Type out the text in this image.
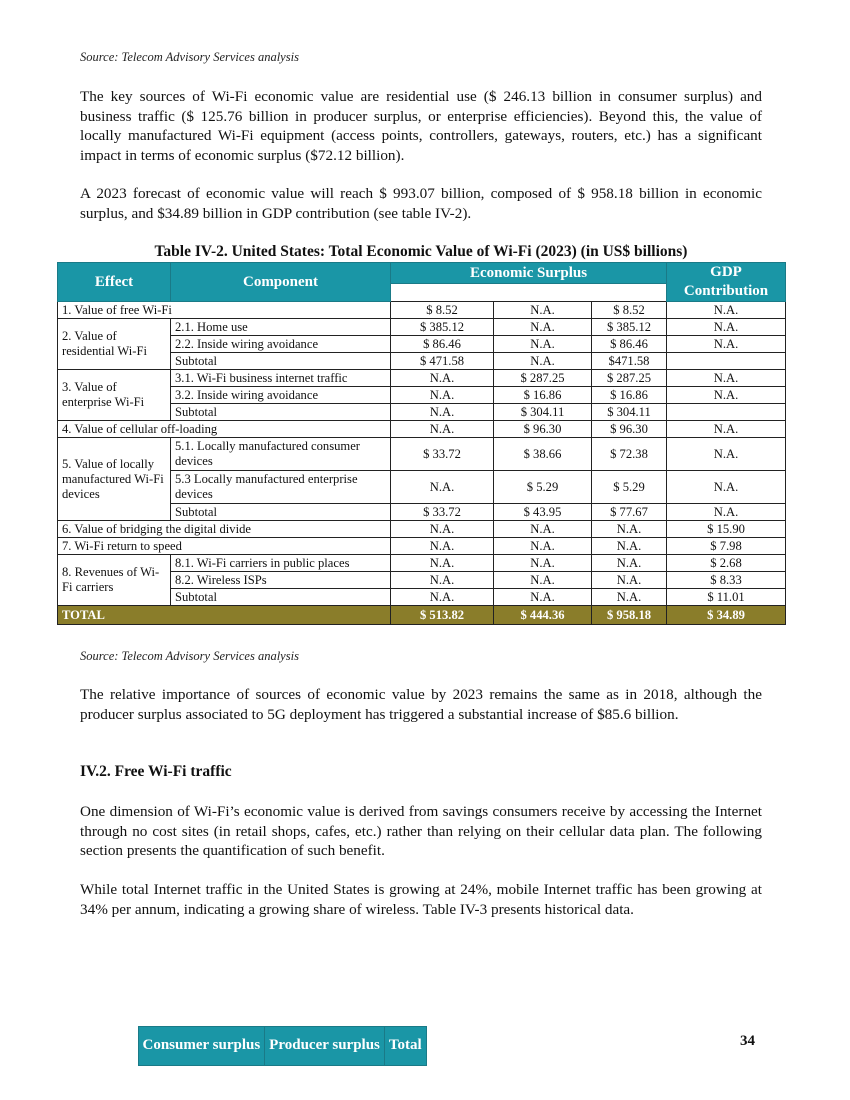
Source: Telecom Advisory Services analysis

The key sources of Wi-Fi economic value are residential use ($ 246.13 billion in consumer surplus) and business traffic ($ 125.76 billion in producer surplus, or enterprise efficiencies). Beyond this, the value of locally manufactured Wi-Fi equipment (access points, controllers, gateways, routers, etc.) has a significant impact in terms of economic surplus ($72.12 billion).

A 2023 forecast of economic value will reach $ 993.07 billion, composed of $ 958.18 billion in economic surplus, and $34.89 billion in GDP contribution (see table IV-2).

Table IV-2. United States: Total Economic Value of Wi-Fi (2023) (in US$ billions)
Effect	Component	Economic Surplus	GDP Contribution

Consumer surplus	Producer surplus	Total
1. Value of free Wi-Fi	$ 8.52	N.A.	$ 8.52	N.A.
2. Value of residential Wi-Fi	2.1. Home use	$ 385.12	N.A.	$ 385.12	N.A.
2.2. Inside wiring avoidance	$ 86.46	N.A.	$ 86.46	N.A.
Subtotal	$ 471.58	N.A.	$471.58	
3. Value of enterprise Wi-Fi	3.1. Wi-Fi business internet traffic	N.A.	$ 287.25	$ 287.25	N.A.
3.2. Inside wiring avoidance	N.A.	$ 16.86	$ 16.86	N.A.
Subtotal	N.A.	$ 304.11	$ 304.11	
4. Value of cellular off-loading	N.A.	$ 96.30	$ 96.30	N.A.
5. Value of locally manufactured Wi-Fi devices	5.1. Locally manufactured consumer devices	$ 33.72	$ 38.66	$ 72.38	N.A.
5.3 Locally manufactured enterprise devices	N.A.	$ 5.29	$ 5.29	N.A.
Subtotal	$ 33.72	$ 43.95	$ 77.67	N.A.
6. Value of bridging the digital divide	N.A.	N.A.	N.A.	$ 15.90
7. Wi-Fi return to speed	N.A.	N.A.	N.A.	$ 7.98
8. Revenues of Wi-Fi carriers	8.1. Wi-Fi carriers in public places	N.A.	N.A.	N.A.	$ 2.68
8.2. Wireless ISPs	N.A.	N.A.	N.A.	$ 8.33
Subtotal	N.A.	N.A.	N.A.	$ 11.01
TOTAL	$ 513.82	$ 444.36	$ 958.18	$ 34.89
Source: Telecom Advisory Services analysis

The relative importance of sources of economic value by 2023 remains the same as in 2018, although the producer surplus associated to 5G deployment has triggered a substantial increase of $85.6 billion.

IV.2. Free Wi-Fi traffic

One dimension of Wi-Fi’s economic value is derived from savings consumers receive by accessing the Internet through no cost sites (in retail shops, cafes, etc.) rather than relying on their cellular data plan. The following section presents the quantification of such benefit.

While total Internet traffic in the United States is growing at 24%, mobile Internet traffic has been growing at 34% per annum, indicating a growing share of wireless. Table IV-3 presents historical data.

34
